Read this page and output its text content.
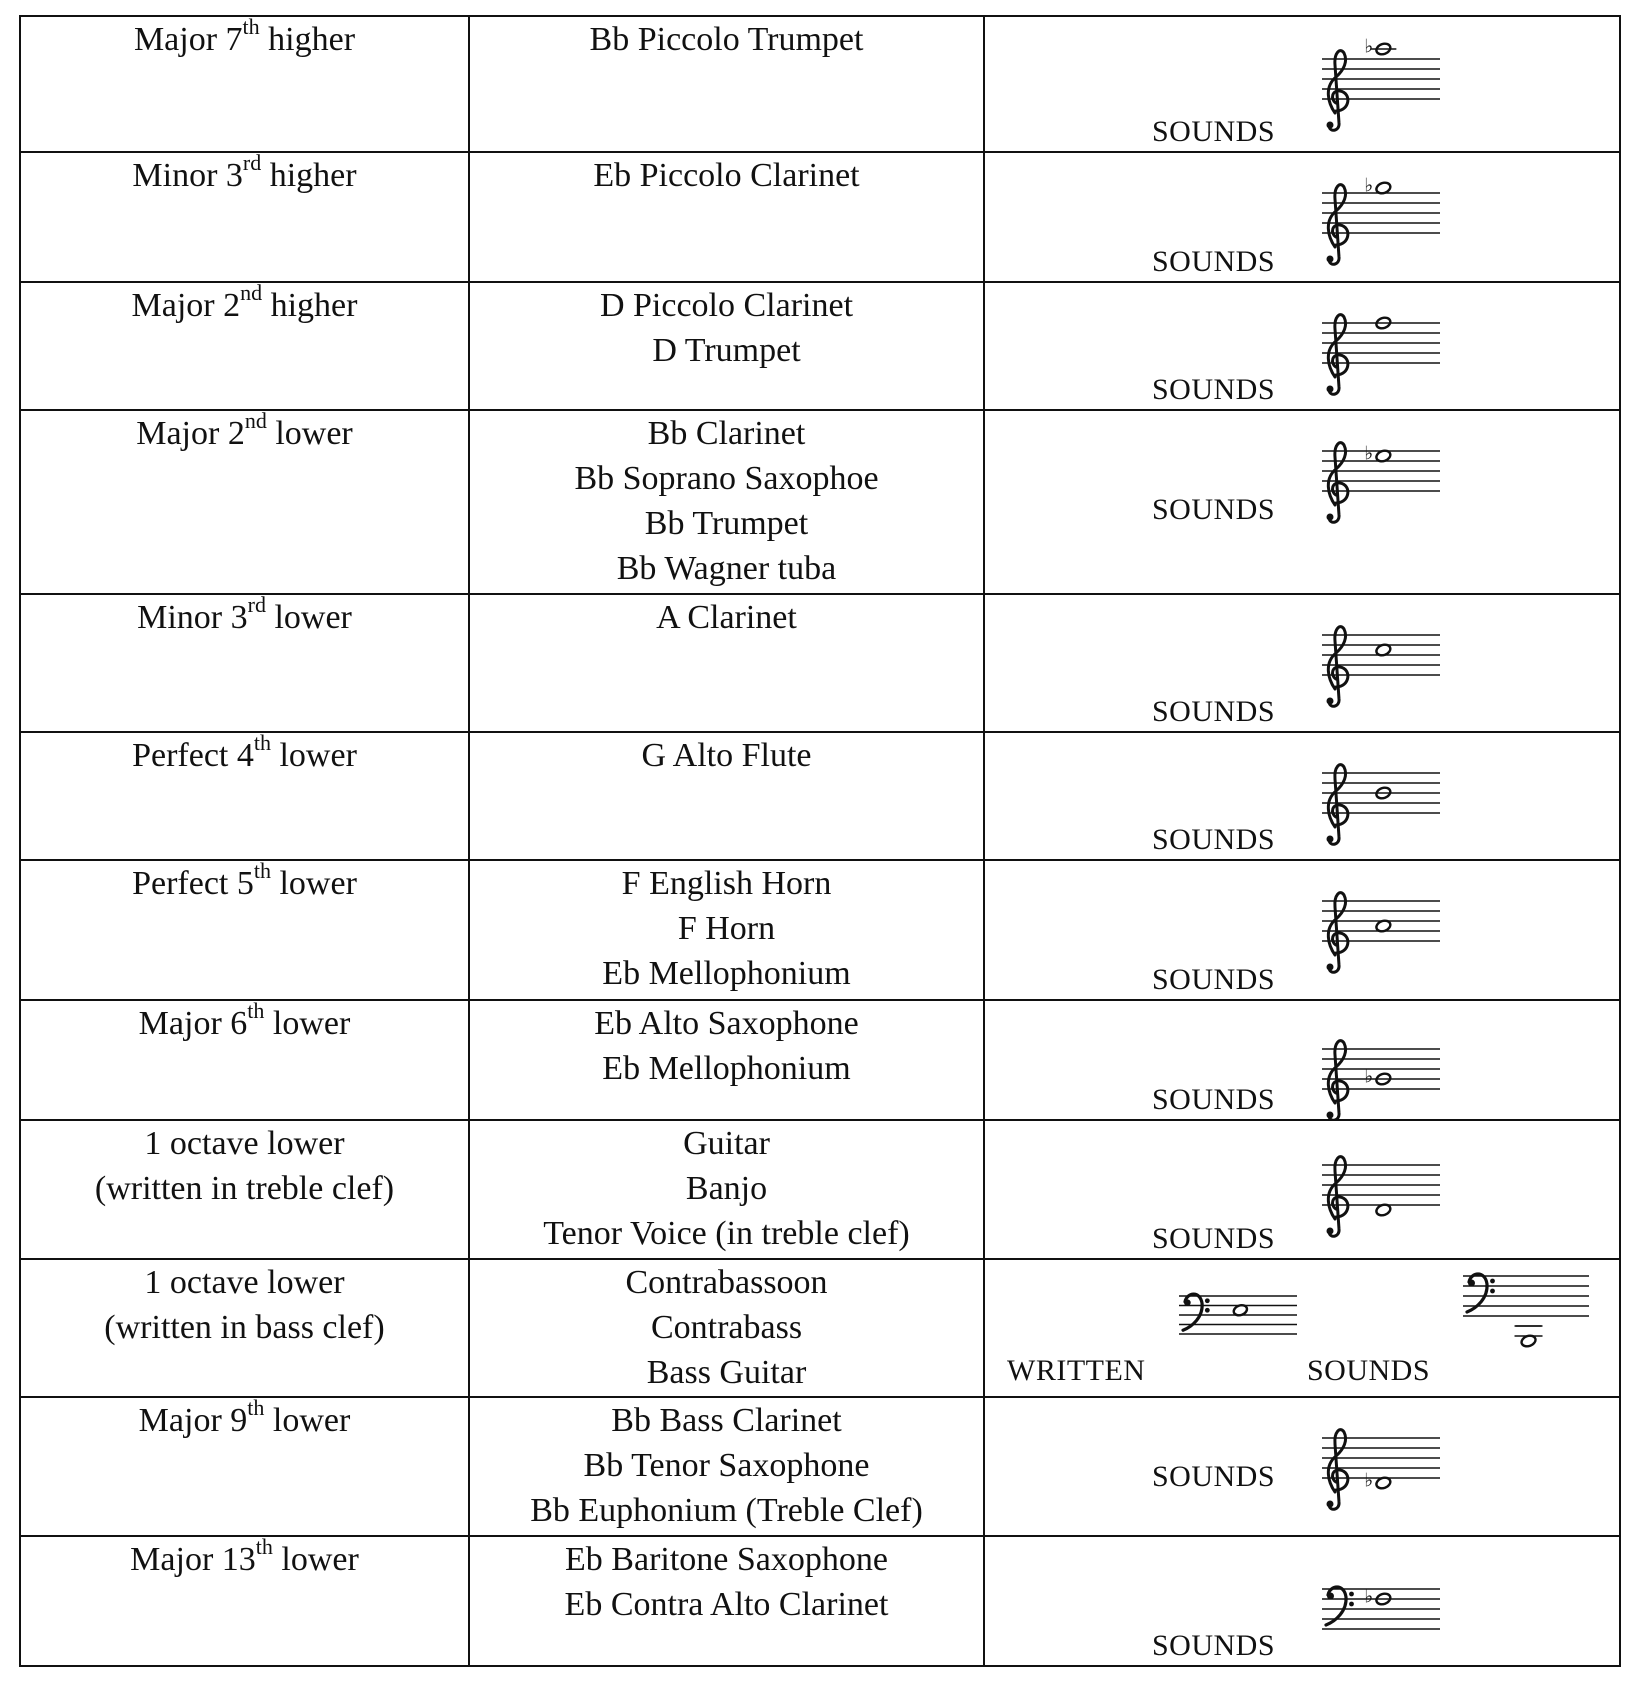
Major 7th higher	Bb Piccolo Trumpet	SOUNDS
♭

Minor 3rd higher	Eb Piccolo Clarinet	SOUNDS
♭

Major 2nd higher	D Piccolo Clarinet
D Trumpet	SOUNDS

Major 2nd lower	Bb Clarinet
Bb Soprano Saxophoe
Bb Trumpet
Bb Wagner tuba	SOUNDS
♭

Minor 3rd lower	A Clarinet	SOUNDS

Perfect 4th lower	G Alto Flute	SOUNDS

Perfect 5th lower	F English Horn
F Horn
Eb Mellophonium	SOUNDS

Major 6th lower	Eb Alto Saxophone
Eb Mellophonium	SOUNDS
♭

1 octave lower
(written in treble clef)	Guitar
Banjo
Tenor Voice (in treble clef)	SOUNDS

1 octave lower
(written in bass clef)	Contrabassoon
Contrabass
Bass Guitar	WRITTEN SOUNDS

Major 9th lower	Bb Bass Clarinet
Bb Tenor Saxophone
Bb Euphonium (Treble Clef)	SOUNDS ♭

Major 13th lower	Eb Baritone Saxophone
Eb Contra Alto Clarinet	SOUNDS
♭
